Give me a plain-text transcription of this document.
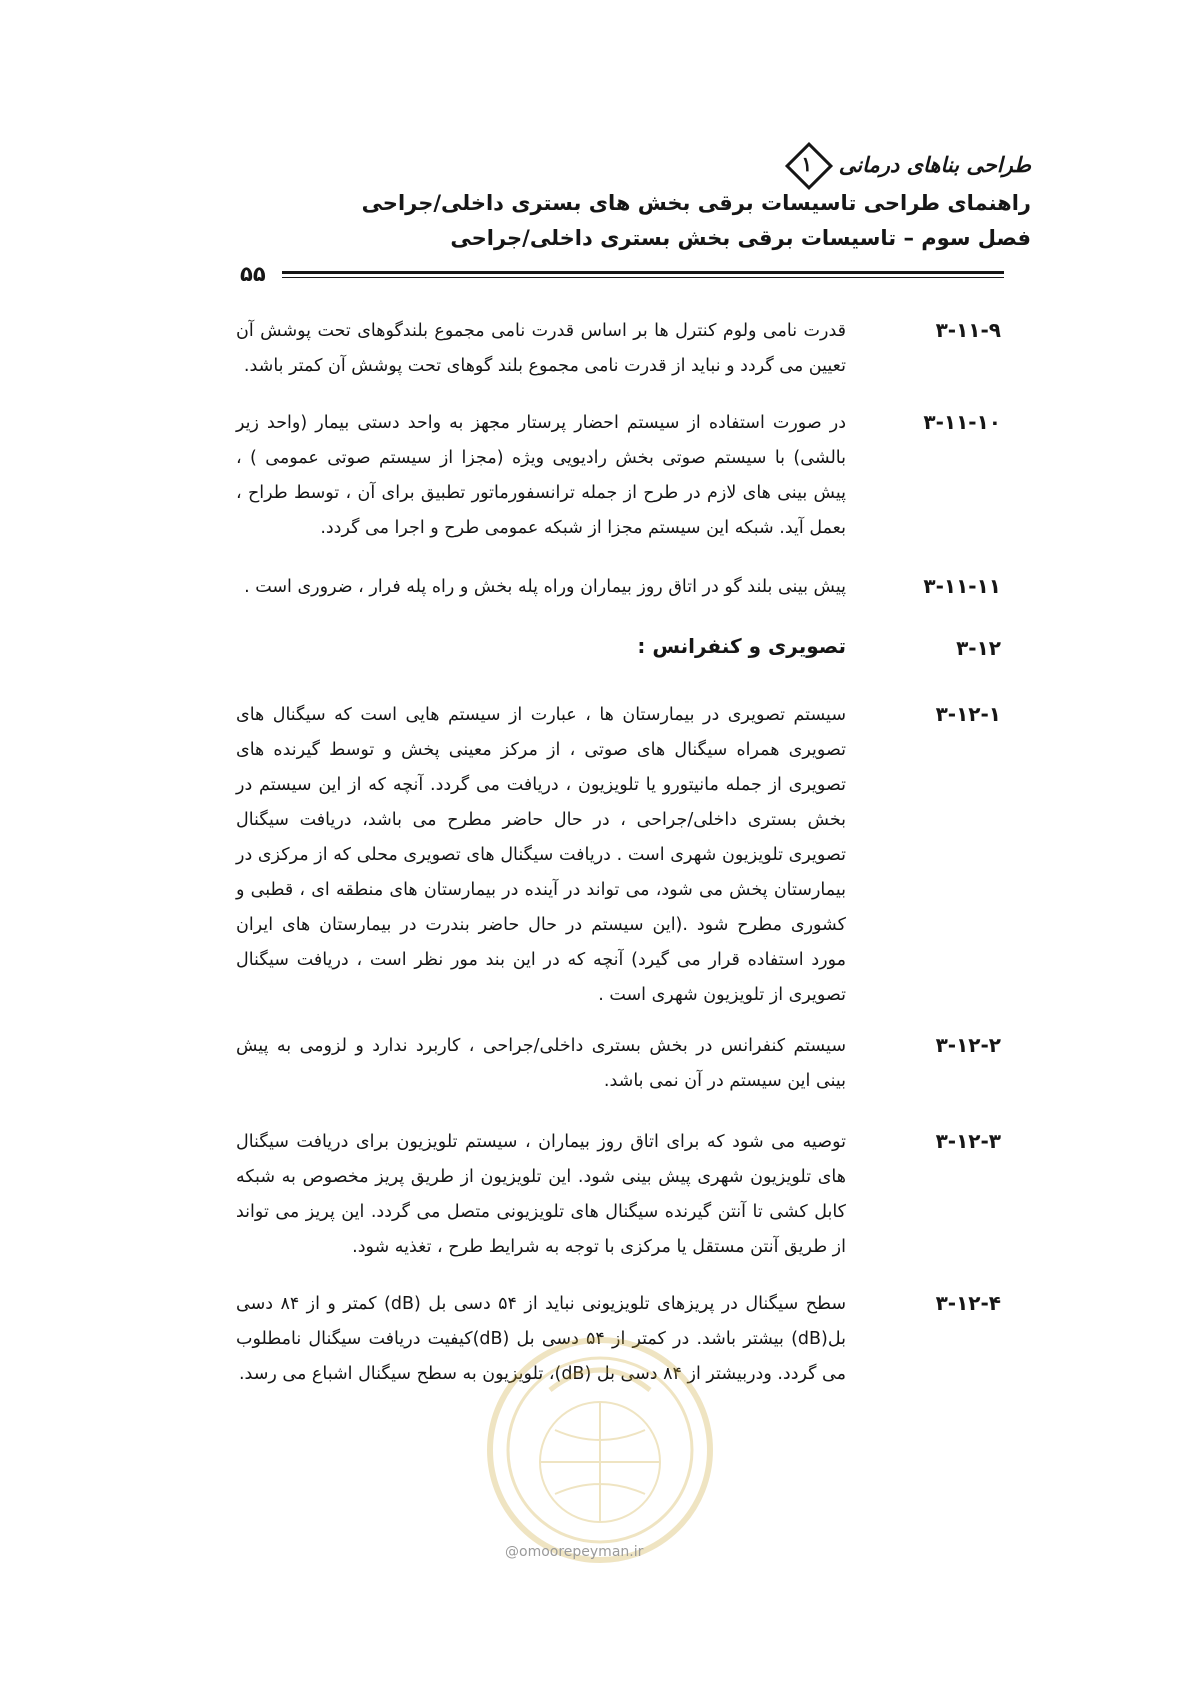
طراحی بناهای درمانی
۱
راهنمای طراحی تاسیسات برقی بخش های بستری داخلی/جراحی
فصل سوم – تاسیسات برقی بخش بستری داخلی/جراحی
۵۵
۳-۱۱-۹
قدرت نامی ولوم کنترل ها بر اساس قدرت نامی مجموع بلندگوهای تحت پوشش آن تعیین می گردد و نباید از قدرت نامی مجموع بلند گوهای تحت پوشش آن کمتر باشد.
۳-۱۱-۱۰
در صورت استفاده از سیستم احضار پرستار مجهز به واحد دستی بیمار (واحد زیر بالشی) با سیستم صوتی بخش رادیویی ویژه (مجزا از سیستم صوتی عمومی ) ، پیش بینی های لازم در طرح از جمله ترانسفورماتور تطبیق برای آن ، توسط طراح ، بعمل آید. شبکه این سیستم مجزا از شبکه عمومی طرح و اجرا می گردد.
۳-۱۱-۱۱
پیش بینی بلند گو در اتاق روز بیماران وراه پله بخش و راه پله فرار ، ضروری است .
۳-۱۲
تصویری و کنفرانس :
۳-۱۲-۱
سیستم تصویری در بیمارستان ها ، عبارت از سیستم هایی است که سیگنال های تصویری همراه سیگنال های صوتی ، از مرکز معینی پخش و توسط گیرنده های تصویری از جمله مانیتورو یا تلویزیون ، دریافت می گردد. آنچه که از این سیستم در بخش بستری داخلی/جراحی ، در حال حاضر مطرح می باشد، دریافت سیگنال تصویری تلویزیون شهری است . دریافت سیگنال های تصویری محلی که از مرکزی در بیمارستان پخش می شود، می تواند در آینده در بیمارستان های منطقه ای ، قطبی و کشوری مطرح شود .(این سیستم در حال حاضر بندرت در بیمارستان های ایران مورد استفاده قرار می گیرد) آنچه که در این بند مور نظر است ، دریافت سیگنال تصویری از تلویزیون شهری است .
۳-۱۲-۲
سیستم کنفرانس در بخش بستری داخلی/جراحی ، کاربرد ندارد و لزومی به پیش بینی این سیستم در آن نمی باشد.
۳-۱۲-۳
توصیه می شود که برای اتاق روز بیماران ، سیستم تلویزیون برای دریافت سیگنال های تلویزیون شهری پیش بینی شود. این تلویزیون از طریق پریز مخصوص به شبکه کابل کشی تا آنتن گیرنده سیگنال های تلویزیونی متصل می گردد. این پریز می تواند از طریق آنتن مستقل یا مرکزی با توجه به شرایط طرح ، تغذیه شود.
۳-۱۲-۴
سطح سیگنال در پریزهای تلویزیونی نباید از ۵۴ دسی بل (dB) کمتر و از ۸۴ دسی بل(dB) بیشتر باشد. در کمتر از ۵۴ دسی بل (dB)کیفیت دریافت سیگنال نامطلوب می گردد. ودربیشتر از ۸۴ دسی بل (dB)، تلویزیون به سطح سیگنال اشباع می رسد.
@omoorepeyman.ir
